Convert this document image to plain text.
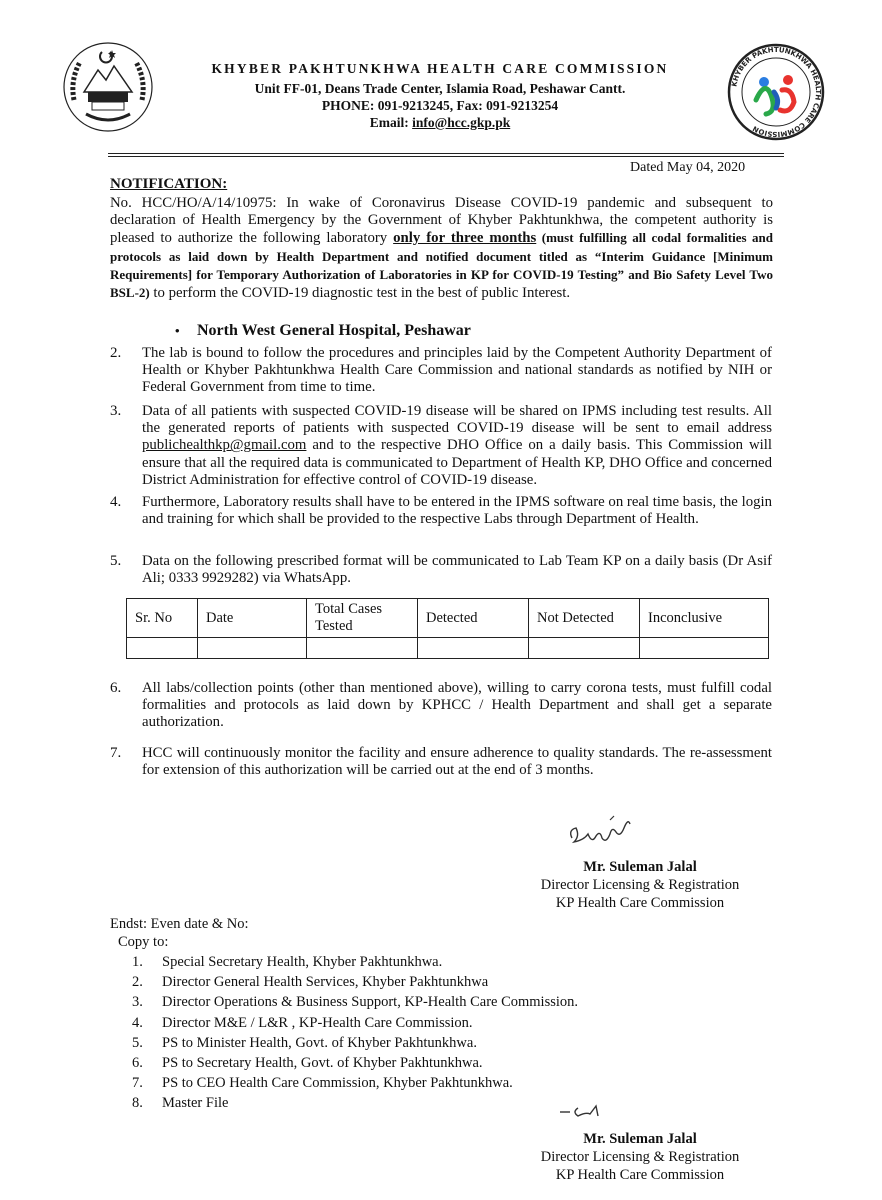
KHYBER PAKHTUNKHWA HEALTH CARE COMMISSION
Unit FF-01, Deans Trade Center, Islamia Road, Peshawar Cantt.
PHONE: 091-9213245, Fax: 091-9213254
Email: info@hcc.gkp.pk
KHYBER PAKHTUNKHWA HEALTH CARE COMMISSION
Dated May 04, 2020
NOTIFICATION:
No. HCC/HO/A/14/10975: In wake of Coronavirus Disease COVID-19 pandemic and subsequent to declaration of Health Emergency by the Government of Khyber Pakhtunkhwa, the competent authority is pleased to authorize the following laboratory only for three months (must fulfilling all codal formalities and protocols as laid down by Health Department and notified document titled as “Interim Guidance [Minimum Requirements] for Temporary Authorization of Laboratories in KP for COVID-19 Testing” and Bio Safety Level Two BSL-2) to perform the COVID-19 diagnostic test in the best of public Interest.
• North West General Hospital, Peshawar
2. The lab is bound to follow the procedures and principles laid by the Competent Authority Department of Health or Khyber Pakhtunkhwa Health Care Commission and national standards as notified by NIH or Federal Government from time to time.
3. Data of all patients with suspected COVID-19 disease will be shared on IPMS including test results. All the generated reports of patients with suspected COVID-19 disease will be sent to email address publichealthkp@gmail.com and to the respective DHO Office on a daily basis. This Commission will ensure that all the required data is communicated to Department of Health KP, DHO Office and concerned District Administration for effective control of COVID-19 disease.
4. Furthermore, Laboratory results shall have to be entered in the IPMS software on real time basis, the login and training for which shall be provided to the respective Labs through Department of Health.
5. Data on the following prescribed format will be communicated to Lab Team KP on a daily basis (Dr Asif Ali; 0333 9929282) via WhatsApp.
Sr. No	Date	Total Cases Tested	Detected	Not Detected	Inconclusive

6. All labs/collection points (other than mentioned above), willing to carry corona tests, must fulfill codal formalities and protocols as laid down by KPHCC / Health Department and shall get a separate authorization.
7. HCC will continuously monitor the facility and ensure adherence to quality standards. The re-assessment for extension of this authorization will be carried out at the end of 3 months.
Mr. Suleman Jalal
Director Licensing & Registration
KP Health Care Commission
Endst: Even date & No:
Copy to:
1. Special Secretary Health, Khyber Pakhtunkhwa.
2. Director General Health Services, Khyber Pakhtunkhwa
3. Director Operations & Business Support, KP-Health Care Commission.
4. Director M&E / L&R , KP-Health Care Commission.
5. PS to Minister Health, Govt. of Khyber Pakhtunkhwa.
6. PS to Secretary Health, Govt. of Khyber Pakhtunkhwa.
7. PS to CEO Health Care Commission, Khyber Pakhtunkhwa.
8. Master File
Mr. Suleman Jalal
Director Licensing & Registration
KP Health Care Commission
